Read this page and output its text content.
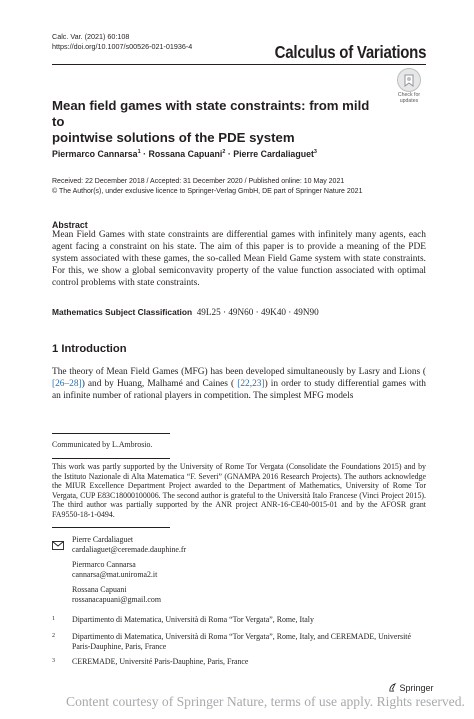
Calc. Var. (2021) 60:108
https://doi.org/10.1007/s00526-021-01936-4	Calculus of Variations
Check for
updates
Mean field games with state constraints: from mild to
pointwise solutions of the PDE system
Piermarco Cannarsa$^1$ · Rossana Capuani$^2$ · Pierre Cardaliaguet$^3$
Received: 22 December 2018 / Accepted: 31 December 2020 / Published online: 10 May 2021
© The Author(s), under exclusive licence to Springer-Verlag GmbH, DE part of Springer Nature 2021
Abstract
Mean Field Games with state constraints are differential games with infinitely many agents, each agent facing a constraint on his state. The aim of this paper is to provide a meaning of the PDE system associated with these games, the so-called Mean Field Game system with state constraints. For this, we show a global semiconvavity property of the value function associated with optimal control problems with state constraints.
Mathematics Subject Classification 49L25 · 49N60 · 49K40 · 49N90
1 Introduction
The theory of Mean Field Games (MFG) has been developed simultaneously by Lasry and Lions ( [26–28]) and by Huang, Malhamé and Caines ( [22,23]) in order to study differential games with an infinite number of rational players in competition. The simplest MFG models
Communicated by L.Ambrosio.
This work was partly supported by the University of Rome Tor Vergata (Consolidate the Foundations 2015) and by the Istituto Nazionale di Alta Matematica “F. Severi” (GNAMPA 2016 Research Projects). The authors acknowledge the MIUR Excellence Department Project awarded to the Department of Mathematics, University of Rome Tor Vergata, CUP E83C18000100006. The second author is grateful to the Università Italo Francese (Vinci Project 2015). The third author was partially supported by the ANR project ANR-16-CE40-0015-01 and by the AFOSR grant FA9550-18-1-0494.
Pierre Cardaliaguet
cardaliaguet@ceremade.dauphine.fr
Piermarco Cannarsa
cannarsa@mat.uniroma2.it
Rossana Capuani
rossanacapuani@gmail.com
1 Dipartimento di Matematica, Università di Roma “Tor Vergata”, Rome, Italy
2 Dipartimento di Matematica, Università di Roma “Tor Vergata”, Rome, Italy, and CEREMADE, Université Paris-Dauphine, Paris, France
3 CEREMADE, Université Paris-Dauphine, Paris, France
Springer
Content courtesy of Springer Nature, terms of use apply. Rights reserved.
